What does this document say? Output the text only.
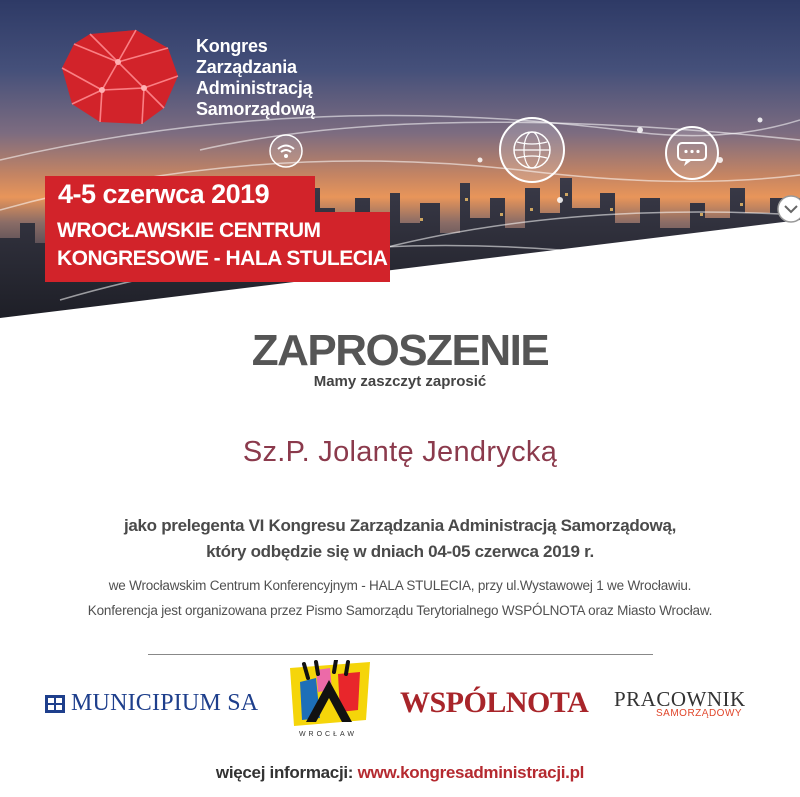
Kongres
Zarządzania
Administracją
Samorządową
4-5 czerwca 2019
WROCŁAWSKIE CENTRUM
KONGRESOWE - HALA STULECIA
ZAPROSZENIE
Mamy zaszczyt zaprosić
Sz.P. Jolantę Jendrycką
jako prelegenta VI Kongresu Zarządzania Administracją Samorządową,
który odbędzie się w dniach 04-05 czerwca 2019 r.
we Wrocławskim Centrum Konferencyjnym - HALA STULECIA, przy ul.Wystawowej 1 we Wrocławiu.
Konferencja jest organizowana przez Pismo Samorządu Terytorialnego WSPÓLNOTA oraz Miasto Wrocław.
MUNICIPIUM SA
WROCŁAW
WSPÓLNOTA PRACOWNIK
SAMORZĄDOWY
więcej informacji: www.kongresadministracji.pl
